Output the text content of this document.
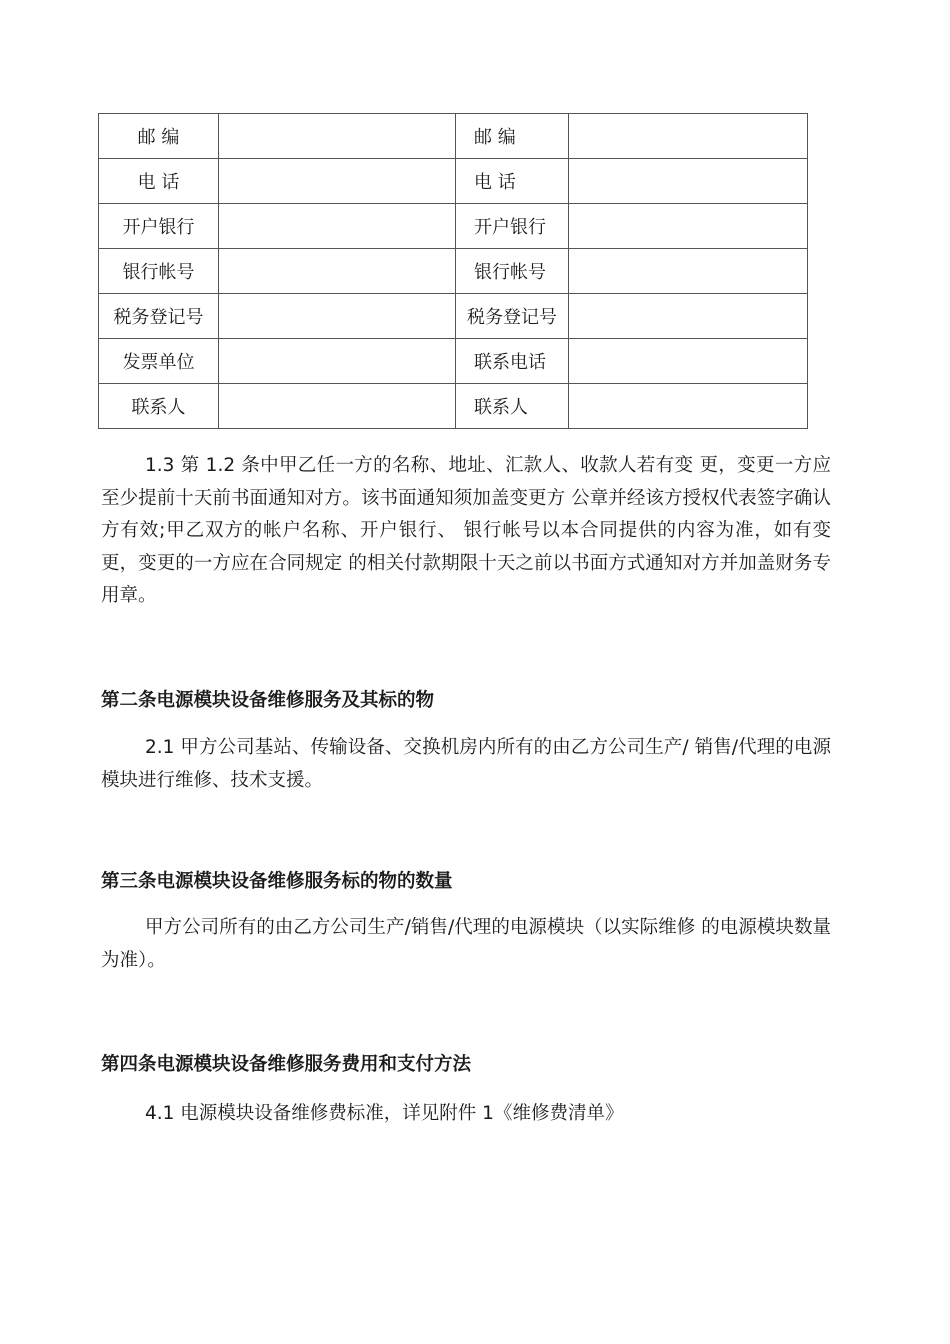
邮 编		邮 编	
电 话		电 话	
开户银行		开户银行	
银行帐号		银行帐号	
税务登记号		税务登记号	
发票单位		联系电话	
联系人		联系人	

1.3 第 1.2 条中甲乙任一方的名称、地址、汇款人、收款人若有变 更，变更一方应至少提前十天前书面通知对方。该书面通知须加盖变更方 公章并经该方授权代表签字确认方有效;甲乙双方的帐户名称、开户银行、 银行帐号以本合同提供的内容为准，如有变更，变更的一方应在合同规定 的相关付款期限十天之前以书面方式通知对方并加盖财务专用章。

第二条电源模块设备维修服务及其标的物

2.1 甲方公司基站、传输设备、交换机房内所有的由乙方公司生产/ 销售/代理的电源模块进行维修、技术支援。

第三条电源模块设备维修服务标的物的数量

甲方公司所有的由乙方公司生产/销售/代理的电源模块（以实际维修 的电源模块数量为准）。

第四条电源模块设备维修服务费用和支付方法

4.1 电源模块设备维修费标准，详见附件 1《维修费清单》
